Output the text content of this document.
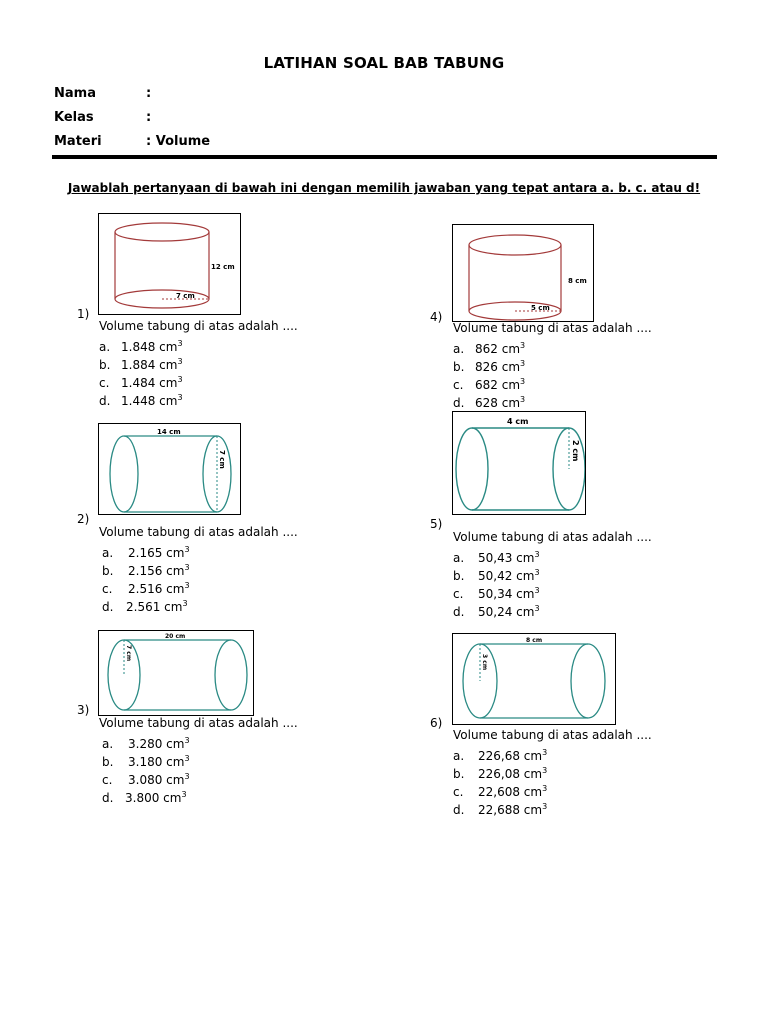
LATIHAN SOAL BAB TABUNG
Nama	:
Kelas	:
Materi	: Volume
Jawablah pertanyaan di bawah ini dengan memilih jawaban yang tepat antara a. b. c. atau d!
12 cm
7 cm
1)
Volume tabung di atas adalah ....
a. 1.848 $cm^3$
b. 1.884 $cm^3$
c. 1.484 $cm^3$
d. 1.448 $cm^3$
14 cm
7 cm
2)
Volume tabung di atas adalah ....
a. 2.165 $cm^3$
b. 2.156 $cm^3$
c. 2.516 $cm^3$
d. 2.561 $cm^3$
20 cm
7 cm
3)
Volume tabung di atas adalah ....
a. 3.280 $cm^3$
b. 3.180 $cm^3$
c. 3.080 $cm^3$
d. 3.800 $cm^3$
8 cm
5 cm
4)
Volume tabung di atas adalah ....
a. 862 $cm^3$
b. 826 $cm^3$
c. 682 $cm^3$
d. 628 $cm^3$
4 cm
2 cm
5)
Volume tabung di atas adalah ....
a. 50,43 $cm^3$
b. 50,42 $cm^3$
c. 50,34 $cm^3$
d. 50,24 $cm^3$
8 cm
3 cm
6)
Volume tabung di atas adalah ....
a. 226,68 $cm^3$
b. 226,08 $cm^3$
c. 22,608 $cm^3$
d. 22,688 $cm^3$
